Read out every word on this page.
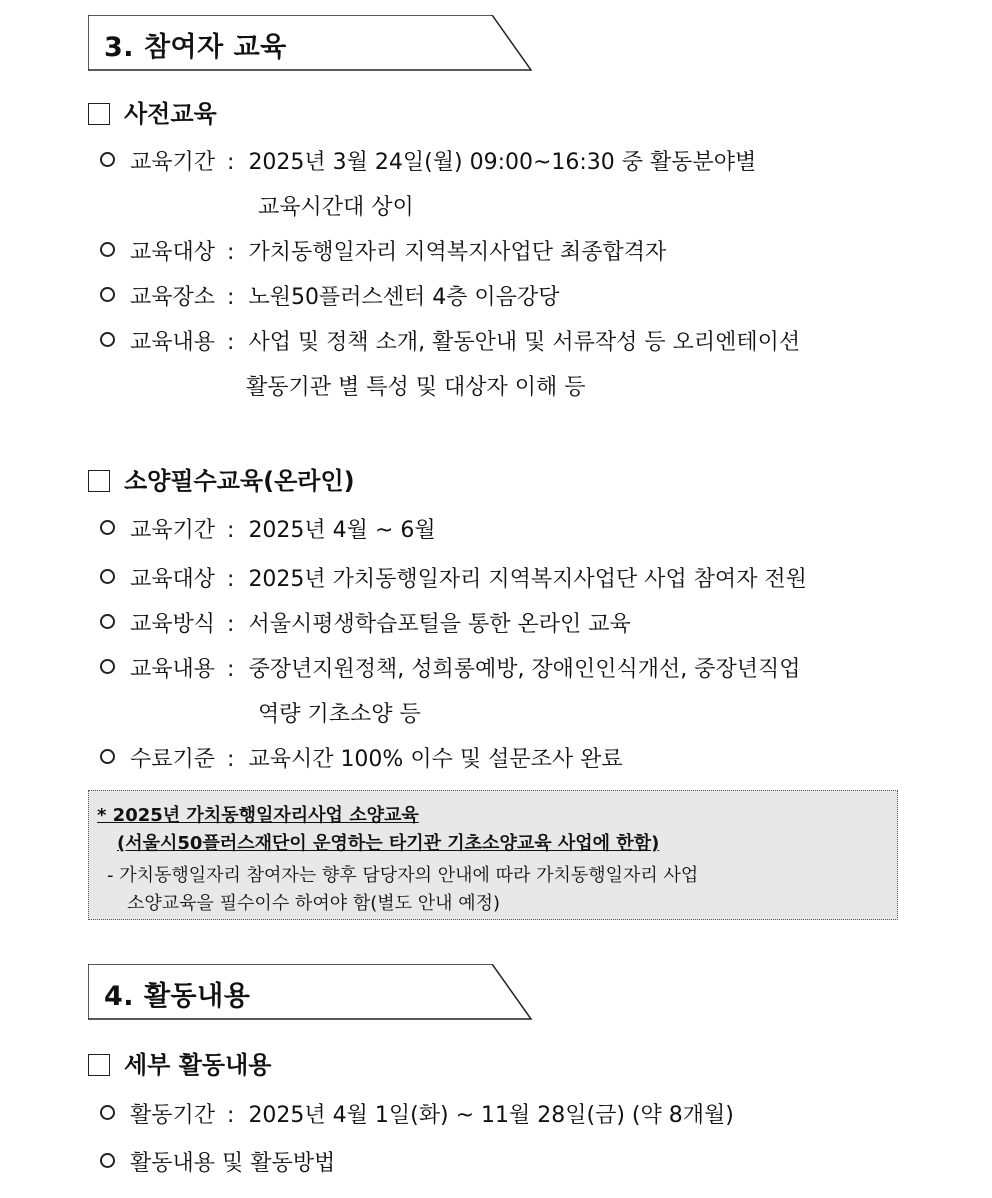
3. 참여자 교육
사전교육
교육기간 : 2025년 3월 24일(월) 09:00~16:30 중 활동분야별
교육시간대 상이
교육대상 : 가치동행일자리 지역복지사업단 최종합격자
교육장소 : 노원50플러스센터 4층 이음강당
교육내용 : 사업 및 정책 소개, 활동안내 및 서류작성 등 오리엔테이션
활동기관 별 특성 및 대상자 이해 등
소양필수교육(온라인)
교육기간 : 2025년 4월 ~ 6월
교육대상 : 2025년 가치동행일자리 지역복지사업단 사업 참여자 전원
교육방식 : 서울시평생학습포털을 통한 온라인 교육
교육내용 : 중장년지원정책, 성희롱예방, 장애인인식개선, 중장년직업
역량 기초소양 등
수료기준 : 교육시간 100% 이수 및 설문조사 완료
* 2025년 가치동행일자리사업 소양교육
(서울시50플러스재단이 운영하는 타기관 기초소양교육 사업에 한함)
- 가치동행일자리 참여자는 향후 담당자의 안내에 따라 가치동행일자리 사업
소양교육을 필수이수 하여야 함(별도 안내 예정)
4. 활동내용
세부 활동내용
활동기간 : 2025년 4월 1일(화) ~ 11월 28일(금) (약 8개월)
활동내용 및 활동방법
